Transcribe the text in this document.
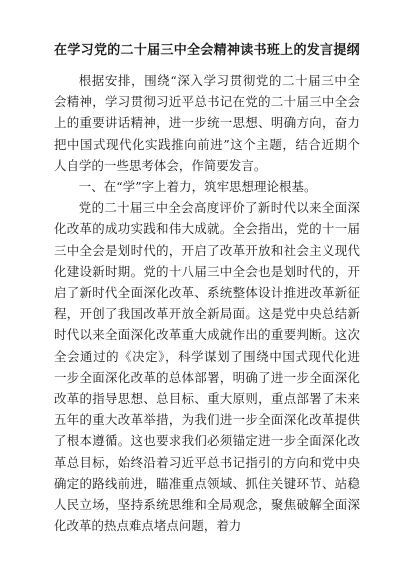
在学习党的二十届三中全会精神读书班上的发言提纲

根据安排，围绕“深入学习贯彻党的二十届三中全会精神，学习贯彻习近平总书记在党的二十届三中全会上的重要讲话精神，进一步统一思想、明确方向，奋力把中国式现代化实践推向前进”这个主题，结合近期个人自学的一些思考体会，作简要发言。

一、在“学”字上着力，筑牢思想理论根基。

党的二十届三中全会高度评价了新时代以来全面深化改革的成功实践和伟大成就。全会指出，党的十一届三中全会是划时代的，开启了改革开放和社会主义现代化建设新时期。党的十八届三中全会也是划时代的，开启了新时代全面深化改革、系统整体设计推进改革新征程，开创了我国改革开放全新局面。这是党中央总结新时代以来全面深化改革重大成就作出的重要判断。这次全会通过的《决定》，科学谋划了围绕中国式现代化进一步全面深化改革的总体部署，明确了进一步全面深化改革的指导思想、总目标、重大原则，重点部署了未来五年的重大改革举措，为我们进一步全面深化改革提供了根本遵循。这也要求我们必须锚定进一步全面深化改革总目标，始终沿着习近平总书记指引的方向和党中央确定的路线前进，瞄准重点领域、抓住关键环节、站稳人民立场，坚持系统思维和全局观念，聚焦破解全面深化改革的热点难点堵点问题，着力
